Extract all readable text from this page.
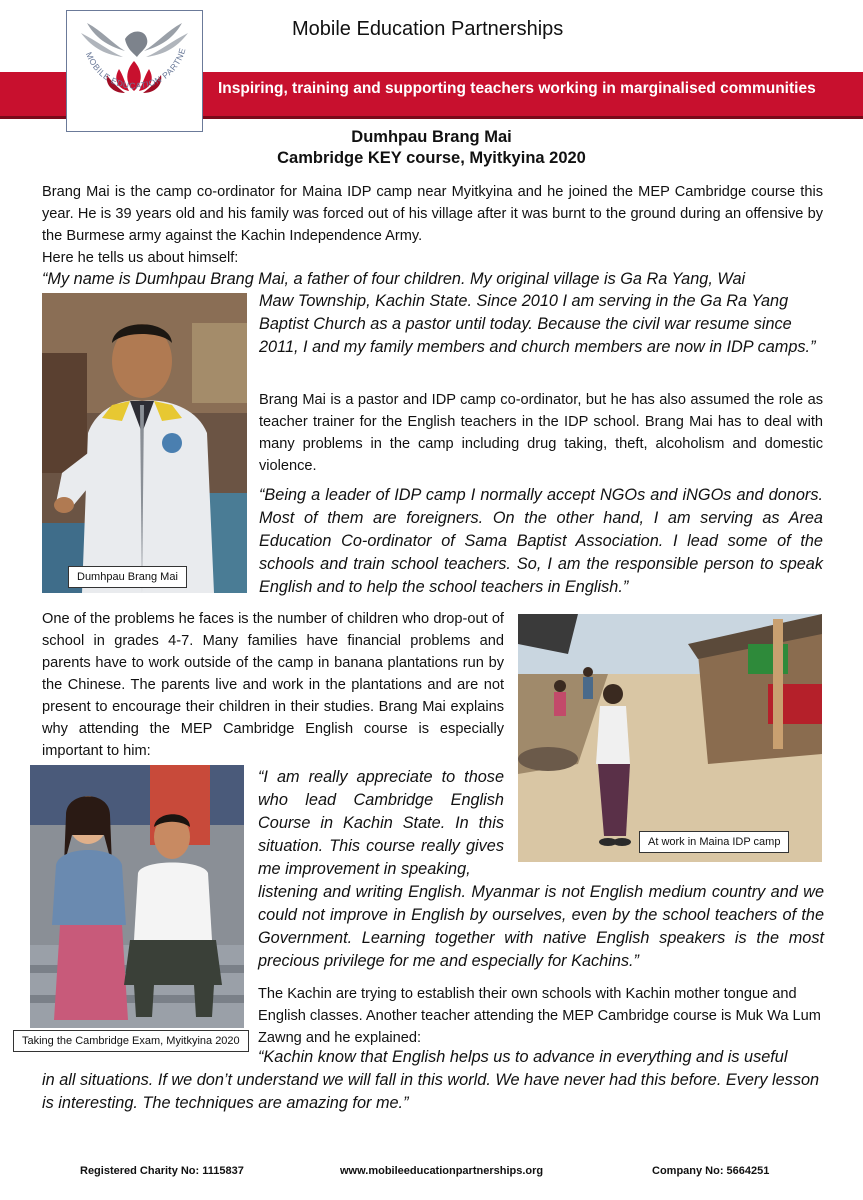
Mobile Education Partnerships
Inspiring, training and supporting teachers working in marginalised communities
MOBILE EDUCATION PARTNE
Dumhpau Brang Mai
Cambridge KEY course, Myitkyina 2020
Brang Mai is the camp co-ordinator for Maina IDP camp near Myitkyina and he joined the MEP Cambridge course this year. He is 39 years old and his family was forced out of his village after it was burnt to the ground during an offensive by the Burmese army against the Kachin Independence Army.
Here he tells us about himself:
“My name is Dumhpau Brang Mai, a father of four children. My original village is Ga Ra Yang, Wai
Dumhpau Brang Mai
Maw Township, Kachin State. Since 2010 I am serving in the Ga Ra Yang Baptist Church as a pastor until today. Because the civil war resume since 2011, I and my family members and church members are now in IDP camps.”
Brang Mai is a pastor and IDP camp co-ordinator, but he has also assumed the role as teacher trainer for the English teachers in the IDP school. Brang Mai has to deal with many problems in the camp including drug taking, theft, alcoholism and domestic violence.
“Being a leader of IDP camp I normally accept NGOs and iNGOs and donors. Most of them are foreigners. On the other hand, I am serving as Area Education Co-ordinator of Sama Baptist Association. I lead some of the schools and train school teachers. So, I am the responsible person to speak English and to help the school teachers in English.”
One of the problems he faces is the number of children who drop-out of school in grades 4-7. Many families have financial problems and parents have to work outside of the camp in banana plantations run by the Chinese. The parents live and work in the plantations and are not present to encourage their children in their studies. Brang Mai explains why attending the MEP Cambridge English course is especially important to him:
At work in Maina IDP camp
Taking the Cambridge Exam, Myitkyina 2020
“I am really appreciate to those who lead Cambridge English Course in Kachin State. In this situation. This course really gives me improvement in speaking,
listening and writing English. Myanmar is not English medium country and we could not improve in English by ourselves, even by the school teachers of the Government. Learning together with native English speakers is the most precious privilege for me and especially for Kachins.”
The Kachin are trying to establish their own schools with Kachin mother tongue and English classes. Another teacher attending the MEP Cambridge course is Muk Wa Lum Zawng and he explained:
“Kachin know that English helps us to advance in everything and is useful
in all situations. If we don’t understand we will fall in this world. We have never had this before. Every lesson is interesting. The techniques are amazing for me.”
Registered Charity No: 1115837	www.mobileeducationpartnerships.org	Company No: 5664251
